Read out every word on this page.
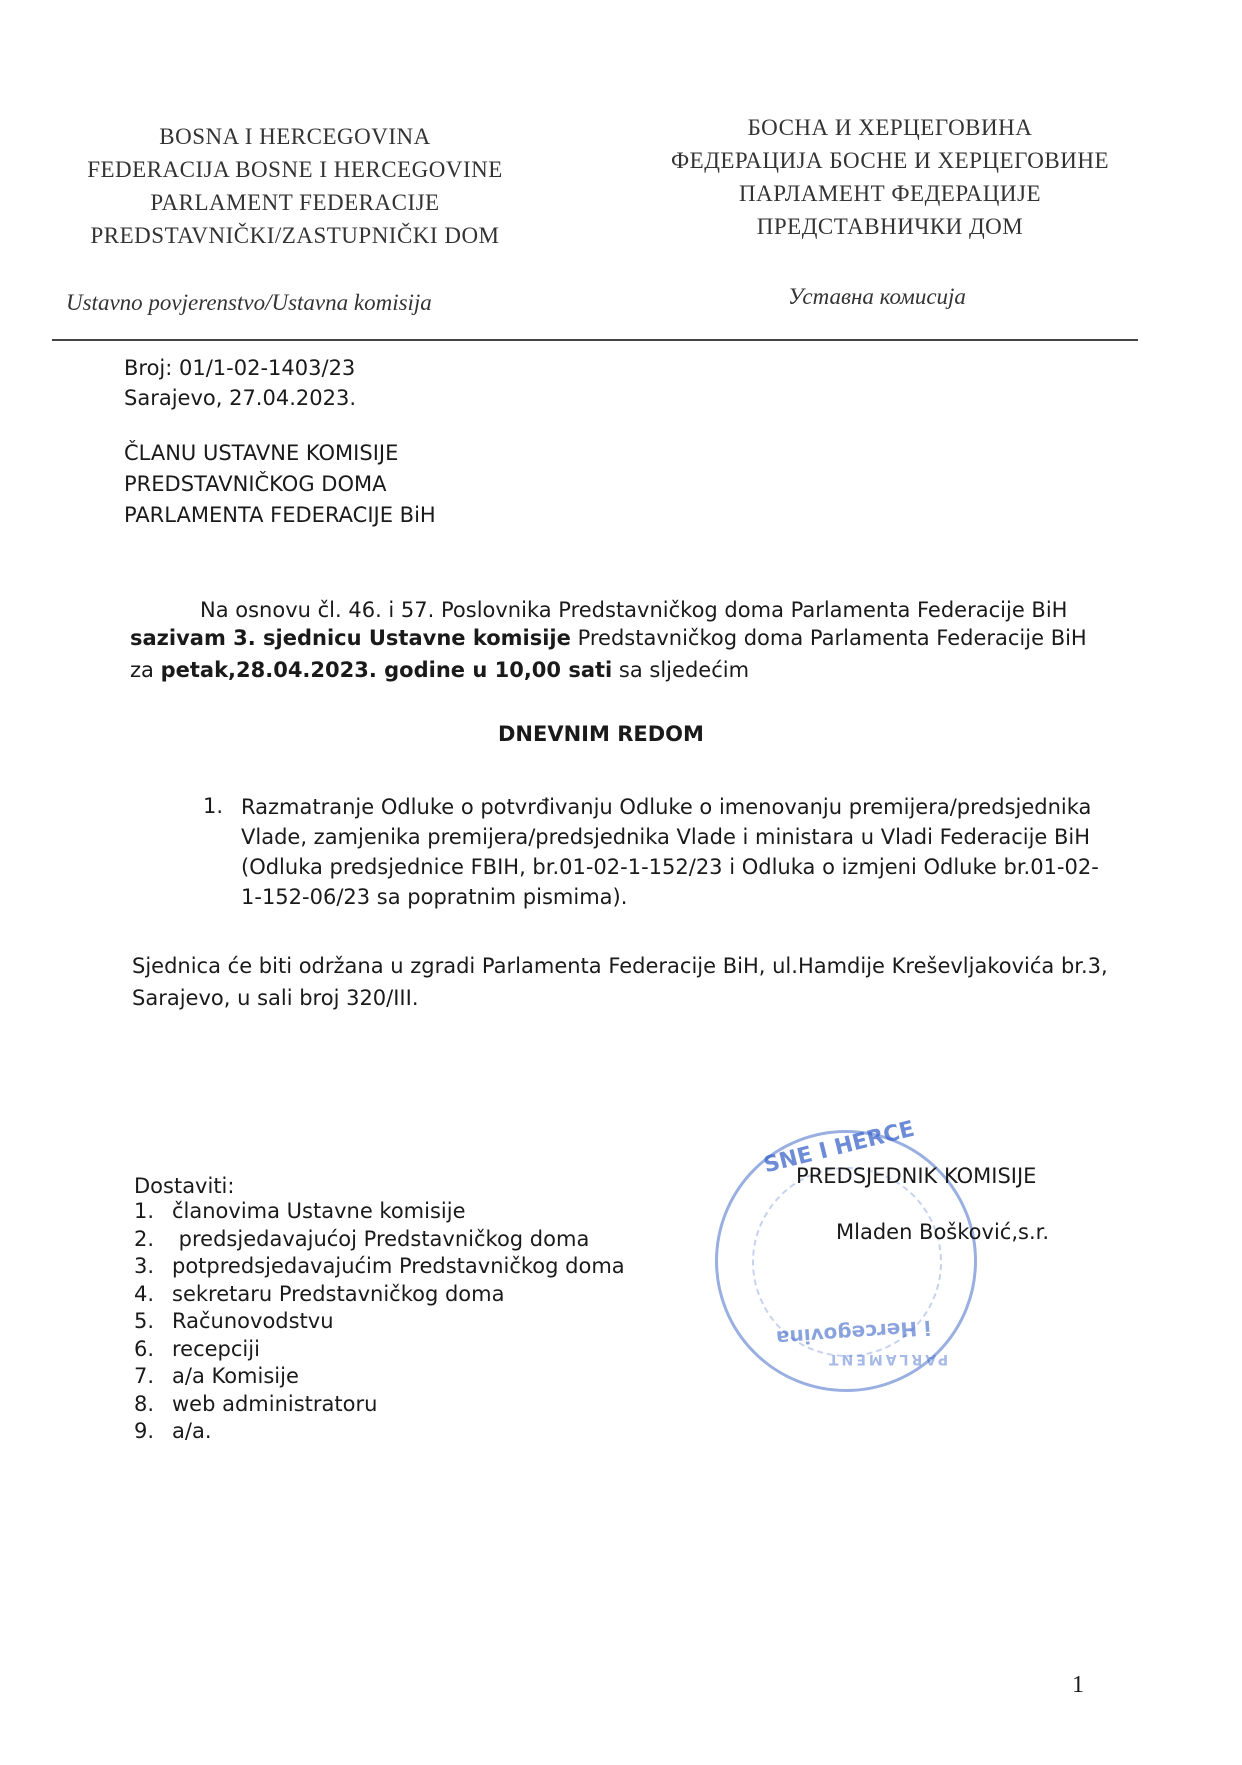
BOSNA I HERCEGOVINA
FEDERACIJA BOSNE I HERCEGOVINE
PARLAMENT FEDERACIJE
PREDSTAVNIČKI/ZASTUPNIČKI DOM
БОСНА И ХЕРЦЕГОВИНА
ФЕДЕРАЦИЈА БОСНЕ И ХЕРЦЕГОВИНЕ
ПАРЛАМЕНТ ФЕДЕРАЦИЈЕ
ПРЕДСТАВНИЧКИ ДОМ
Ustavno povjerenstvo/Ustavna komisija	Уставна комисија
Broj: 01/1-02-1403/23
Sarajevo, 27.04.2023.
ČLANU USTAVNE KOMISIJE
PREDSTAVNIČKOG DOMA
PARLAMENTA FEDERACIJE BiH
Na osnovu čl. 46. i 57. Poslovnika Predstavničkog doma Parlamenta Federacije BiH
sazivam 3. sjednicu Ustavne komisije Predstavničkog doma Parlamenta Federacije BiH
za petak,28.04.2023. godine u 10,00 sati sa sljedećim
DNEVNIM REDOM
1. Razmatranje Odluke o potvrđivanju Odluke o imenovanju premijera/predsjednika
Vlade, zamjenika premijera/predsjednika Vlade i ministara u Vladi Federacije BiH
(Odluka predsjednice FBIH, br.01-02-1-152/23 i Odluka o izmjeni Odluke br.01-02-
1-152-06/23 sa popratnim pismima).
Sjednica će biti održana u zgradi Parlamenta Federacije BiH, ul.Hamdije Kreševljakovića br.3,
Sarajevo, u sali broj 320/III.
Dostaviti:
1. članovima Ustavne komisije
2. predsjedavajućoj Predstavničkog doma
3. potpredsjedavajućim Predstavničkog doma
4. sekretaru Predstavničkog doma
5. Računovodstvu
6. recepciji
7. a/a Komisije
8. web administratoru
9. a/a.
SNE I HERCE
PARLAMENT
i Hercegovina
PREDSJEDNIK KOMISIJE
Mladen Bošković,s.r.
1
